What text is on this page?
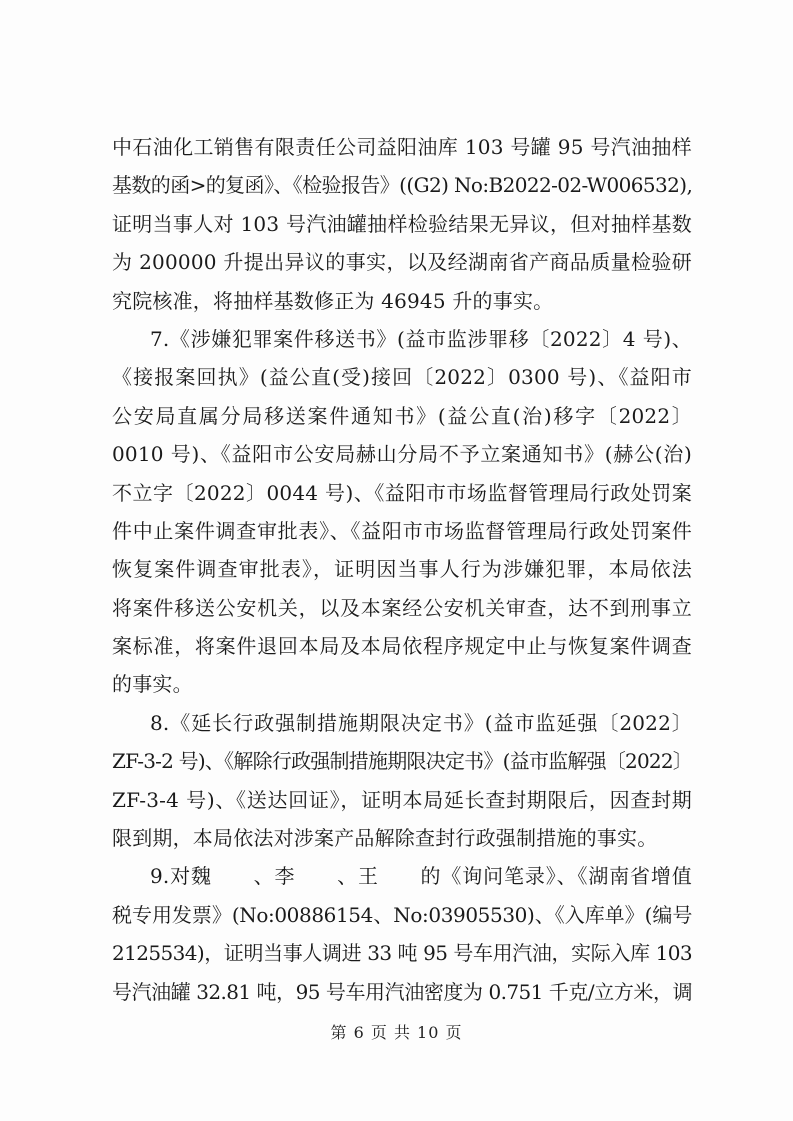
中石油化工销售有限责任公司益阳油库 103 号罐 95 号汽油抽样
基数的函>的复函》、《检验报告》((G2) No:B2022-02-W006532),
证明当事人对 103 号汽油罐抽样检验结果无异议，但对抽样基数
为 200000 升提出异议的事实，以及经湖南省产商品质量检验研
究院核准，将抽样基数修正为 46945 升的事实。
7.《涉嫌犯罪案件移送书》(益市监涉罪移〔2022〕4 号)、
《接报案回执》(益公直(受)接回〔2022〕0300 号)、《益阳市
公安局直属分局移送案件通知书》(益公直(治)移字〔2022〕
0010 号)、《益阳市公安局赫山分局不予立案通知书》(赫公(治)
不立字〔2022〕0044 号)、《益阳市市场监督管理局行政处罚案
件中止案件调查审批表》、《益阳市市场监督管理局行政处罚案件
恢复案件调查审批表》，证明因当事人行为涉嫌犯罪，本局依法
将案件移送公安机关，以及本案经公安机关审查，达不到刑事立
案标准，将案件退回本局及本局依程序规定中止与恢复案件调查
的事实。
8.《延长行政强制措施期限决定书》(益市监延强〔2022〕
ZF-3-2 号)、《解除行政强制措施期限决定书》(益市监解强〔2022〕
ZF-3-4 号)、《送达回证》，证明本局延长查封期限后，因查封期
限到期，本局依法对涉案产品解除查封行政强制措施的事实。
9.对魏　　、李　　、王　　的《询问笔录》、《湖南省增值
税专用发票》(No:00886154、No:03905530)、《入库单》(编号
2125534)，证明当事人调进 33 吨 95 号车用汽油，实际入库 103
号汽油罐 32.81 吨，95 号车用汽油密度为 0.751 千克/立方米，调
第 6 页 共 10 页
